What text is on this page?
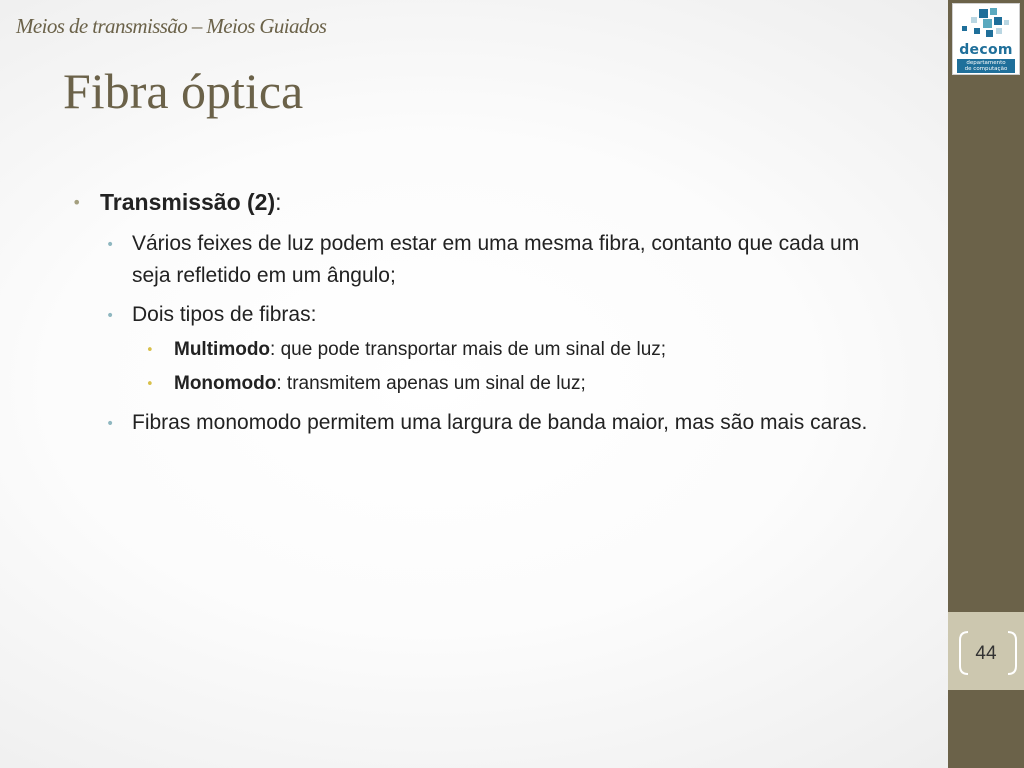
Meios de transmissão – Meios Guiados
Fibra óptica
• Transmissão (2):
• Vários feixes de luz podem estar em uma mesma fibra, contanto que cada um seja refletido em um ângulo;
• Dois tipos de fibras:
• Multimodo: que pode transportar mais de um sinal de luz;
• Monomodo: transmitem apenas um sinal de luz;
• Fibras monomodo permitem uma largura de banda maior, mas são mais caras.
decom
departamento
de computação
44
